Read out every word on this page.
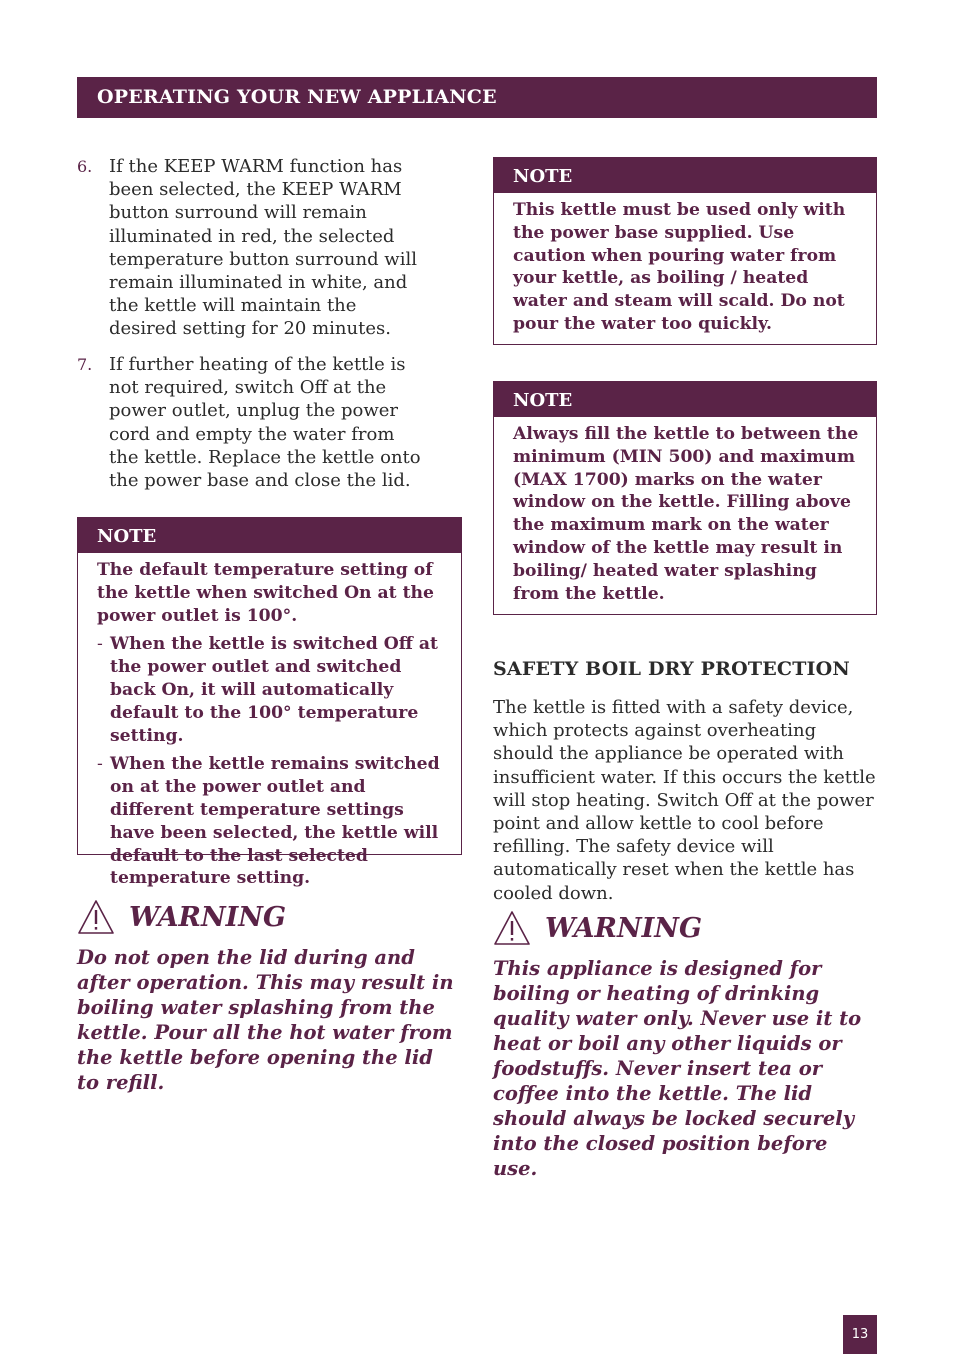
OPERATING YOUR NEW APPLIANCE
6. If the KEEP WARM function has been selected, the KEEP WARM button surround will remain illuminated in red, the selected temperature button surround will remain illuminated in white, and the kettle will maintain the desired setting for 20 minutes.
7. If further heating of the kettle is not required, switch Off at the power outlet, unplug the power cord and empty the water from the kettle. Replace the kettle onto the power base and close the lid.
NOTE

The default temperature setting of the kettle when switched On at the power outlet is 100°.

- When the kettle is switched Off at the power outlet and switched back On, it will automatically default to the 100° temperature setting.
- When the kettle remains switched on at the power outlet and different temperature settings have been selected, the kettle will default to the last selected temperature setting.
NOTE

This kettle must be used only with the power base supplied. Use caution when pouring water from your kettle, as boiling / heated water and steam will scald. Do not pour the water too quickly.

NOTE

Always fill the kettle to between the minimum (MIN 500) and maximum (MAX 1700) marks on the water window on the kettle. Filling above the maximum mark on the water window of the kettle may result in boiling/ heated water splashing from the kettle.

SAFETY BOIL DRY PROTECTION
The kettle is fitted with a safety device, which protects against overheating should the appliance be operated with insufficient water. If this occurs the kettle will stop heating. Switch Off at the power point and allow kettle to cool before refilling. The safety device will automatically reset when the kettle has cooled down.
WARNING
Do not open the lid during and after operation. This may result in boiling water splashing from the kettle. Pour all the hot water from the kettle before opening the lid to refill.
WARNING
This appliance is designed for boiling or heating of drinking quality water only. Never use it to heat or boil any other liquids or foodstuffs. Never insert tea or coffee into the kettle. The lid should always be locked securely into the closed position before use.
13
